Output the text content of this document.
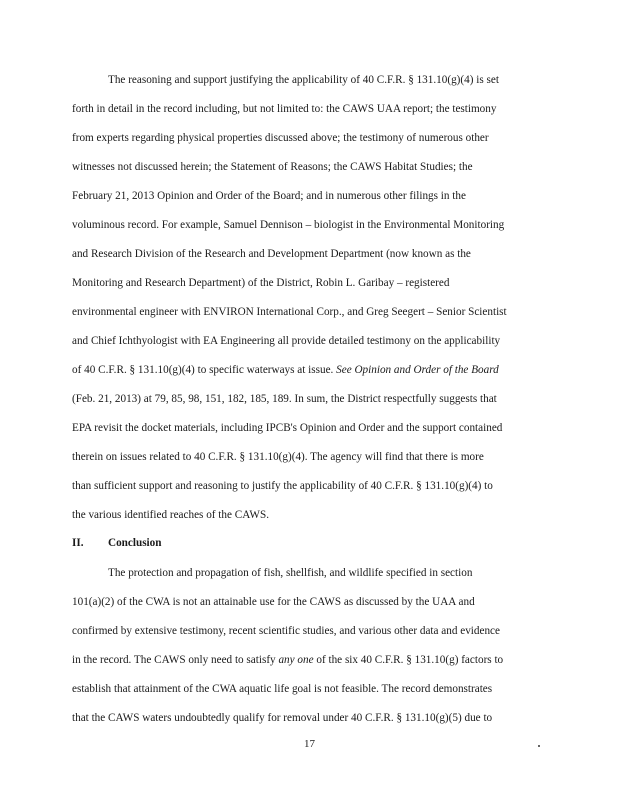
The reasoning and support justifying the applicability of 40 C.F.R. § 131.10(g)(4) is set
forth in detail in the record including, but not limited to: the CAWS UAA report; the testimony
from experts regarding physical properties discussed above; the testimony of numerous other
witnesses not discussed herein; the Statement of Reasons; the CAWS Habitat Studies; the
February 21, 2013 Opinion and Order of the Board; and in numerous other filings in the
voluminous record. For example, Samuel Dennison – biologist in the Environmental Monitoring
and Research Division of the Research and Development Department (now known as the
Monitoring and Research Department) of the District, Robin L. Garibay – registered
environmental engineer with ENVIRON International Corp., and Greg Seegert – Senior Scientist
and Chief Ichthyologist with EA Engineering all provide detailed testimony on the applicability
of 40 C.F.R. § 131.10(g)(4) to specific waterways at issue. See Opinion and Order of the Board
(Feb. 21, 2013) at 79, 85, 98, 151, 182, 185, 189. In sum, the District respectfully suggests that
EPA revisit the docket materials, including IPCB's Opinion and Order and the support contained
therein on issues related to 40 C.F.R. § 131.10(g)(4). The agency will find that there is more
than sufficient support and reasoning to justify the applicability of 40 C.F.R. § 131.10(g)(4) to
the various identified reaches of the CAWS.
II. Conclusion
The protection and propagation of fish, shellfish, and wildlife specified in section
101(a)(2) of the CWA is not an attainable use for the CAWS as discussed by the UAA and
confirmed by extensive testimony, recent scientific studies, and various other data and evidence
in the record. The CAWS only need to satisfy any one of the six 40 C.F.R. § 131.10(g) factors to
establish that attainment of the CWA aquatic life goal is not feasible. The record demonstrates
that the CAWS waters undoubtedly qualify for removal under 40 C.F.R. § 131.10(g)(5) due to
17
